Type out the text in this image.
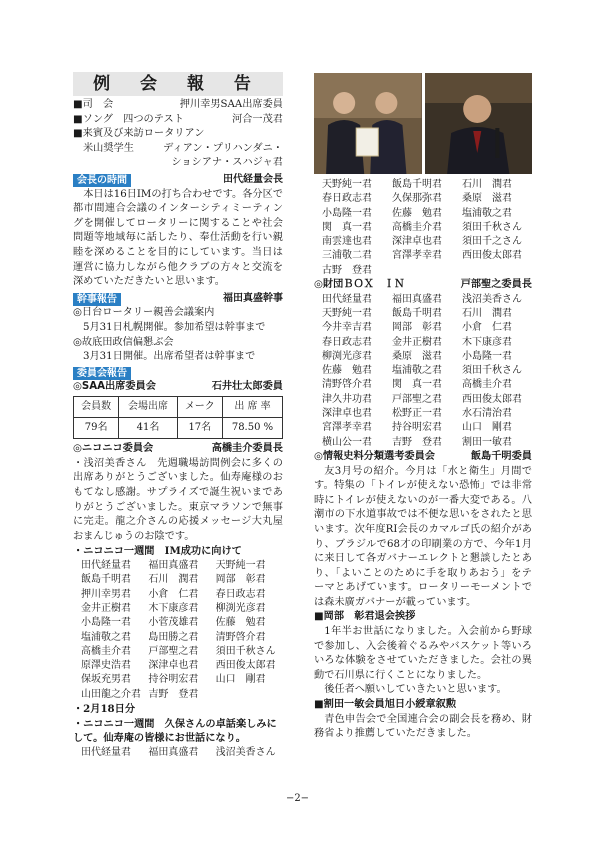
例 会 報 告
■司　会	押川幸男SAA出席委員
■ソング　四つのテスト	河合一茂君
■来賓及び来訪ロータリアン
米山奨学生	ディアン・プリハンダニ・
ショシアナ・スハジャ君
会長の時間	田代経量会長
本日は16日IMの打ち合わせです。各分区で都市間連合会議のインターシティミーティングを開催してロータリーに関することや社会問題等地域毎に話したり、奉仕活動を行い親睦を深めることを目的にしています。当日は運営に協力しながら他クラブの方々と交流を深めていただきたいと思います。
幹事報告	福田真盛幹事
◎日台ロータリー親善会議案内
5月31日札幌開催。参加希望は幹事まで
◎故底田政信偏懇ぶ会
3月31日開催。出席希望者は幹事まで
委員会報告
◎SAA出席委員会	石井壮太郎委員
会員数	会場出席	メーク	出 席 率
79名	41名	17名	78.50 %
◎ニコニコ委員会	高橋圭介委員長
・浅沼美香さん　先週職場訪問例会に多くの出席ありがとうございました。仙寿庵様のおもてなし感謝。サプライズで誕生祝いまでありがとうございました。東京マラソンで無事に完走。龍之介さんの応援メッセージ大丸屋おまんじゅうのお陰です。
・ニコニコ一週間　IM成功に向けて
田代経量君	福田真盛君	天野純一君
飯島千明君	石川　潤君	岡部　彰君
押川幸男君	小倉　仁君	春日政志君
金井正樹君	木下康彦君	柳渕光彦君
小島隆一君	小菅茂雄君	佐藤　勉君
塩浦敬之君	島田勝之君	清野啓介君
高橋圭介君	戸部聖之君	須田千秋さん
原澤史浩君	深津卓也君	西田俊太郎君
保坂充男君	持谷明宏君	山口　剛君
山田龍之介君 吉野　登君
・2月18日分
・ニコニコ一週間　久保さんの卓話楽しみにして。仙寿庵の皆様にお世話になり。
田代経量君	福田真盛君	浅沼美香さん
天野純一君	飯島千明君	石川　潤君
春日政志君	久保那弥君	桑原　滋君
小島隆一君	佐藤　勉君	塩浦敬之君
関　真一君	高橋圭介君	須田千秋さん
南雲達也君	深津卓也君	須田千之さん
三浦敬二君	宮澤孝幸君	西田俊太郎君
古野　登君
◎財団ＢＯＸ　ＩＮ	戸部聖之委員長
田代経量君	福田真盛君	浅沼美香さん
天野純一君	飯島千明君	石川　潤君
今井幸吉君	岡部　彰君	小倉　仁君
春日政志君	金井正樹君	木下康彦君
柳渕光彦君	桑原　滋君	小島隆一君
佐藤　勉君	塩浦敬之君	須田千秋さん
清野啓介君	関　真一君	高橋圭介君
津久井功君	戸部聖之君	西田俊太郎君
深津卓也君	松野正一君	水石清治君
宮澤孝幸君	持谷明宏君	山口　剛君
横山公一君	吉野　登君	割田一敏君
◎情報史料分類選考委員会	飯島千明委員
友3月号の紹介。今月は「水と衛生」月間です。特集の「トイレが使えない恐怖」では非常時にトイレが使えないのが一番大変である。八潮市の下水道事故では不便な思いをされたと思います。次年度RI会長のカマルゴ氏の紹介があり、ブラジルで68才の印刷業の方で、今年1月に来日して各ガバナーエレクトと懇談したとあり、「よいことのために手を取りあおう」をテーマとあげています。ロータリーモーメントでは森未廣ガバナーが載っています。
■岡部　彰君退会挨拶
1年半お世話になりました。入会前から野球で参加し、入会後着ぐるみやバスケット等いろいろな体験をさせていただきました。会社の異動で石川県に行くことになりました。
後任者へ願いしていきたいと思います。
■割田一敏会員旭日小綬章叙勲
青色申告会で全国連合会の副会長を務め、財務省より推薦していただきました。
−2−
